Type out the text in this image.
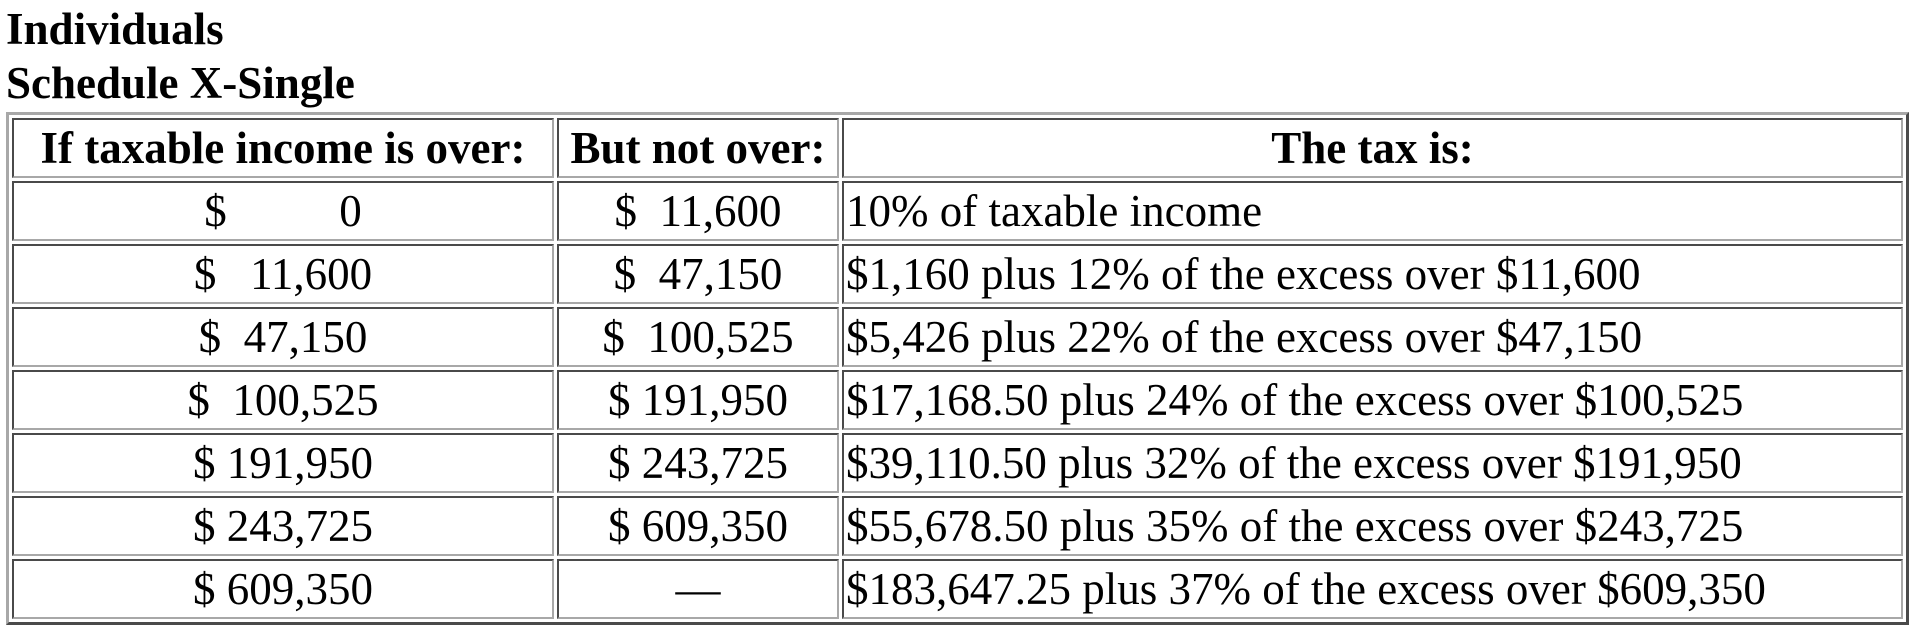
Individuals
Schedule X-Single
If taxable income is over:	But not over:	The tax is:
$          0	$  11,600	10% of taxable income
$   11,600	$  47,150	$1,160 plus 12% of the excess over $11,600
$  47,150	$  100,525	$5,426 plus 22% of the excess over $47,150
$  100,525	$ 191,950	$17,168.50 plus 24% of the excess over $100,525
$ 191,950	$ 243,725	$39,110.50 plus 32% of the excess over $191,950
$ 243,725	$ 609,350	$55,678.50 plus 35% of the excess over $243,725
$ 609,350	—	$183,647.25 plus 37% of the excess over $609,350
